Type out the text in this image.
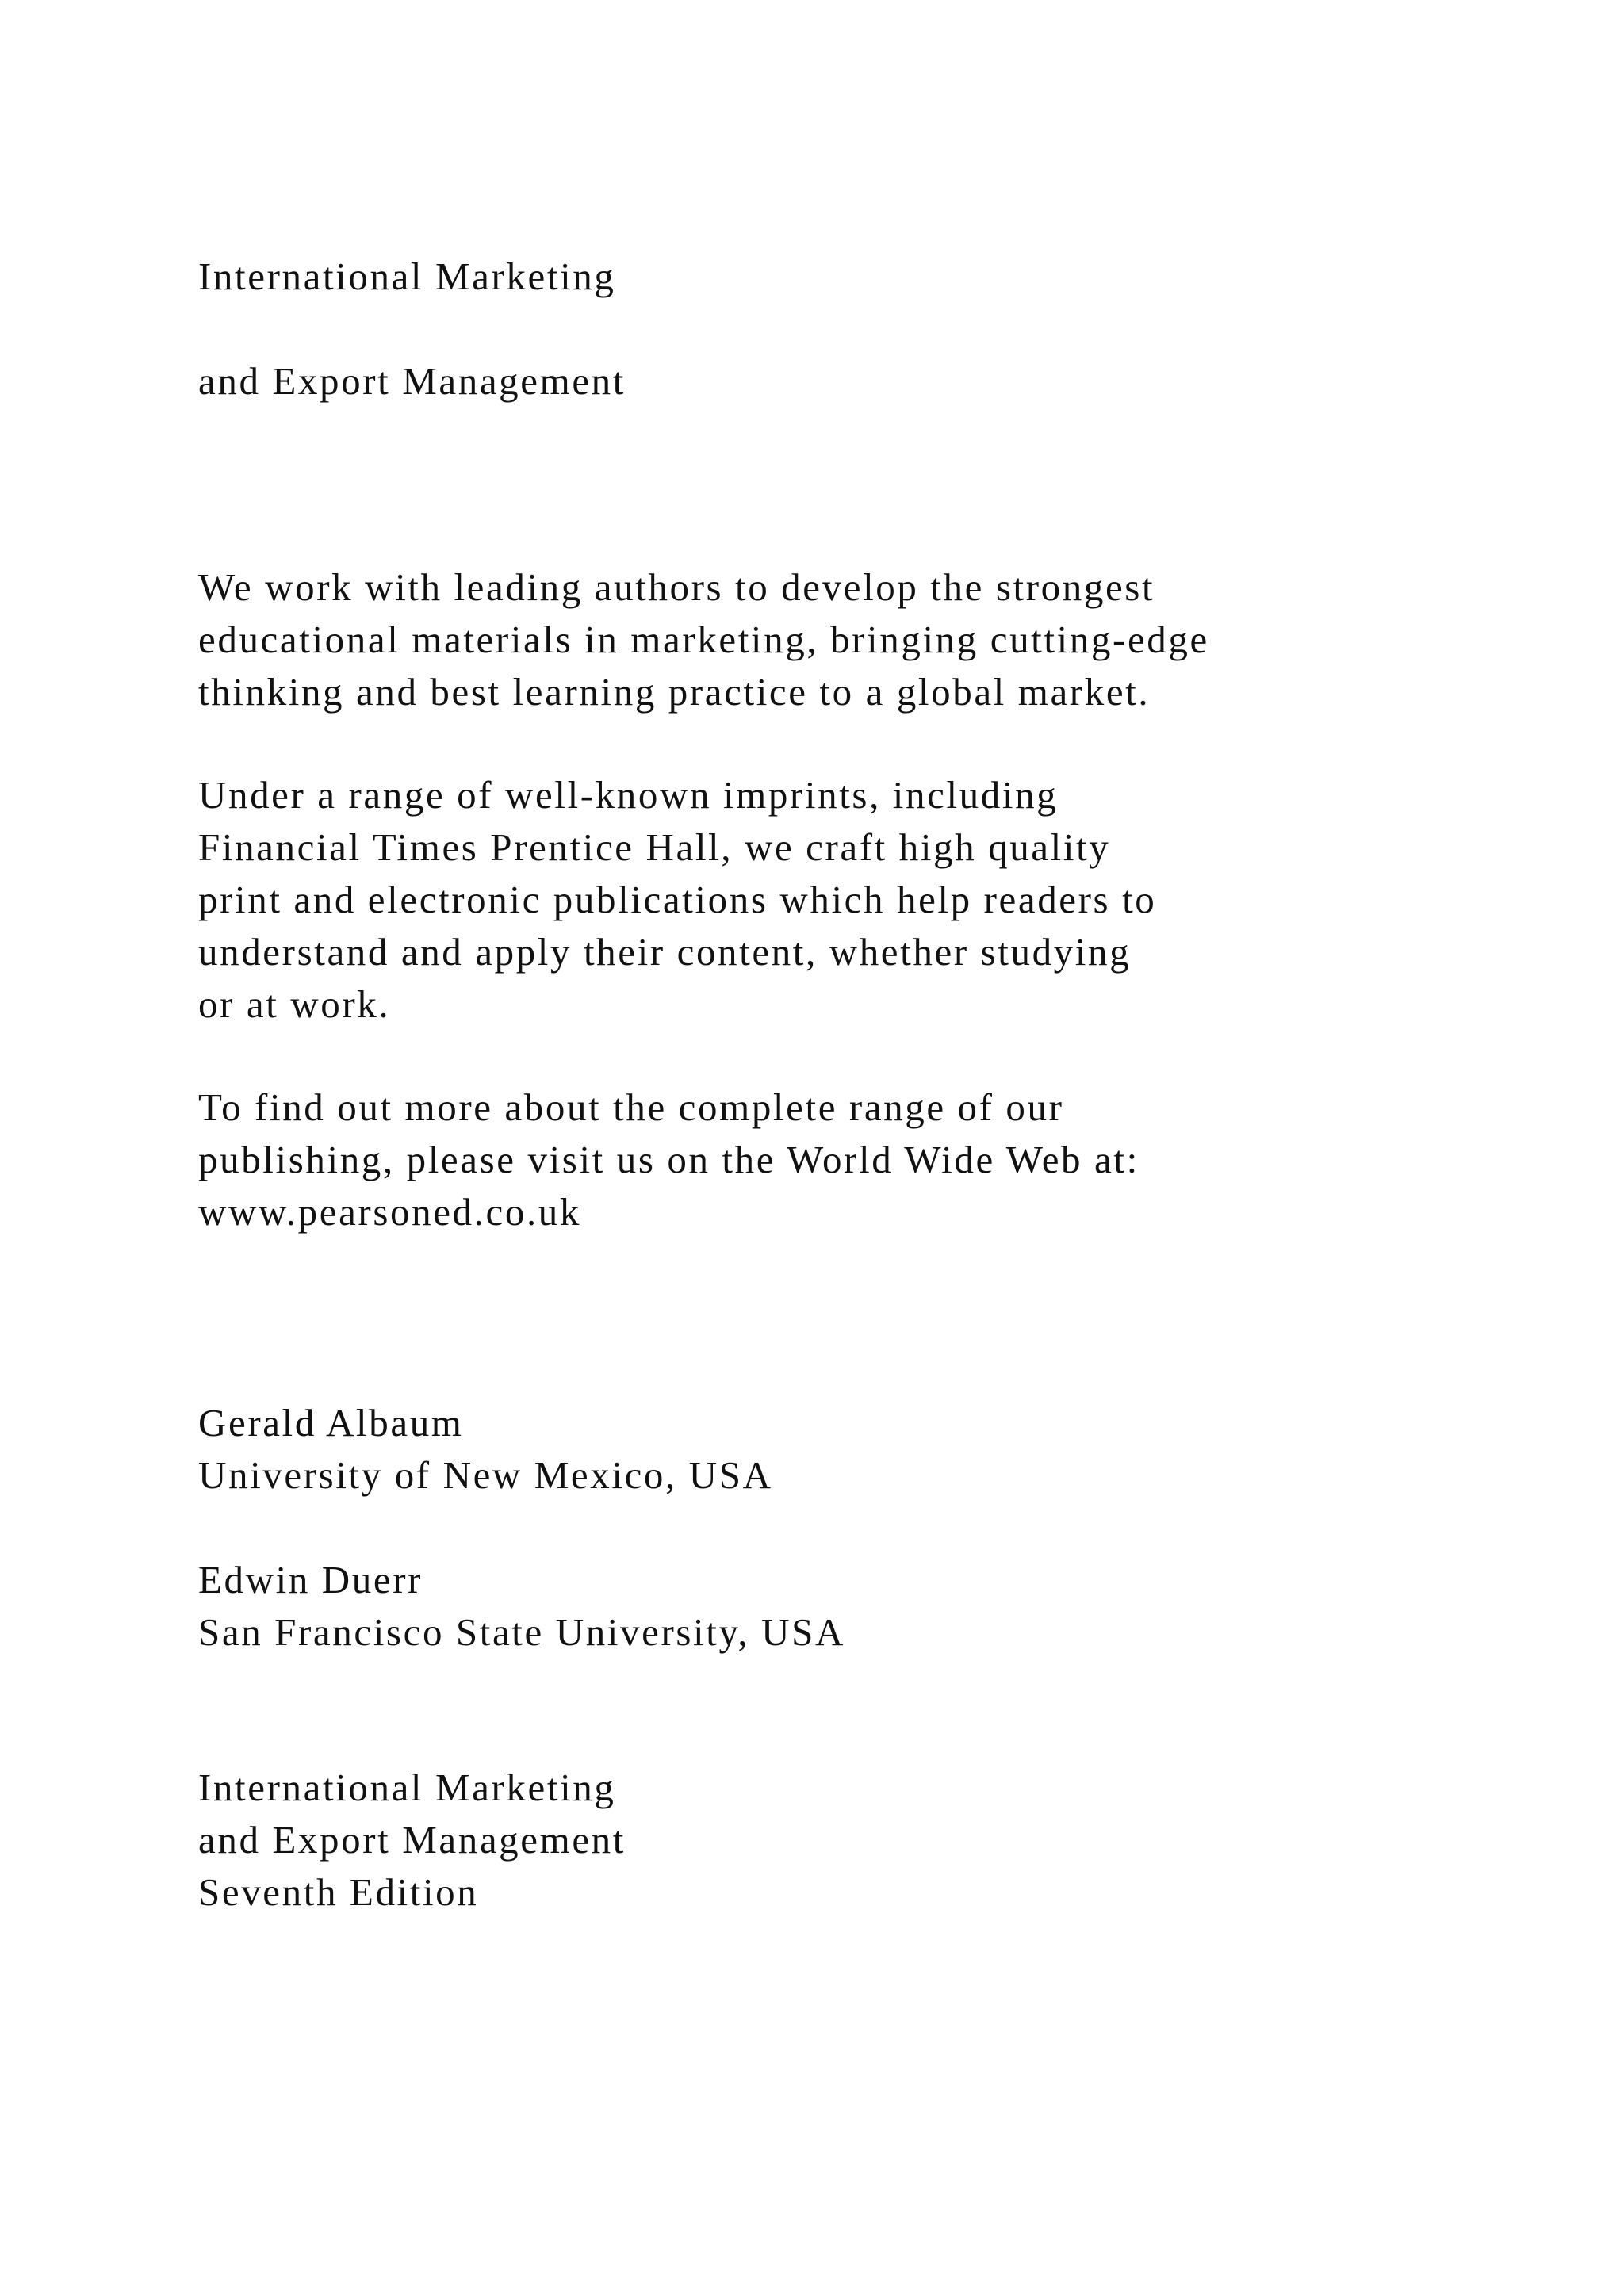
International Marketing

and Export Management

We work with leading authors to develop the strongest

educational materials in marketing, bringing cutting-edge

thinking and best learning practice to a global market.

Under a range of well-known imprints, including

Financial Times Prentice Hall, we craft high quality

print and electronic publications which help readers to

understand and apply their content, whether studying

or at work.

To find out more about the complete range of our

publishing, please visit us on the World Wide Web at:

www.pearsoned.co.uk

Gerald Albaum

University of New Mexico, USA

Edwin Duerr

San Francisco State University, USA

International Marketing

and Export Management

Seventh Edition
